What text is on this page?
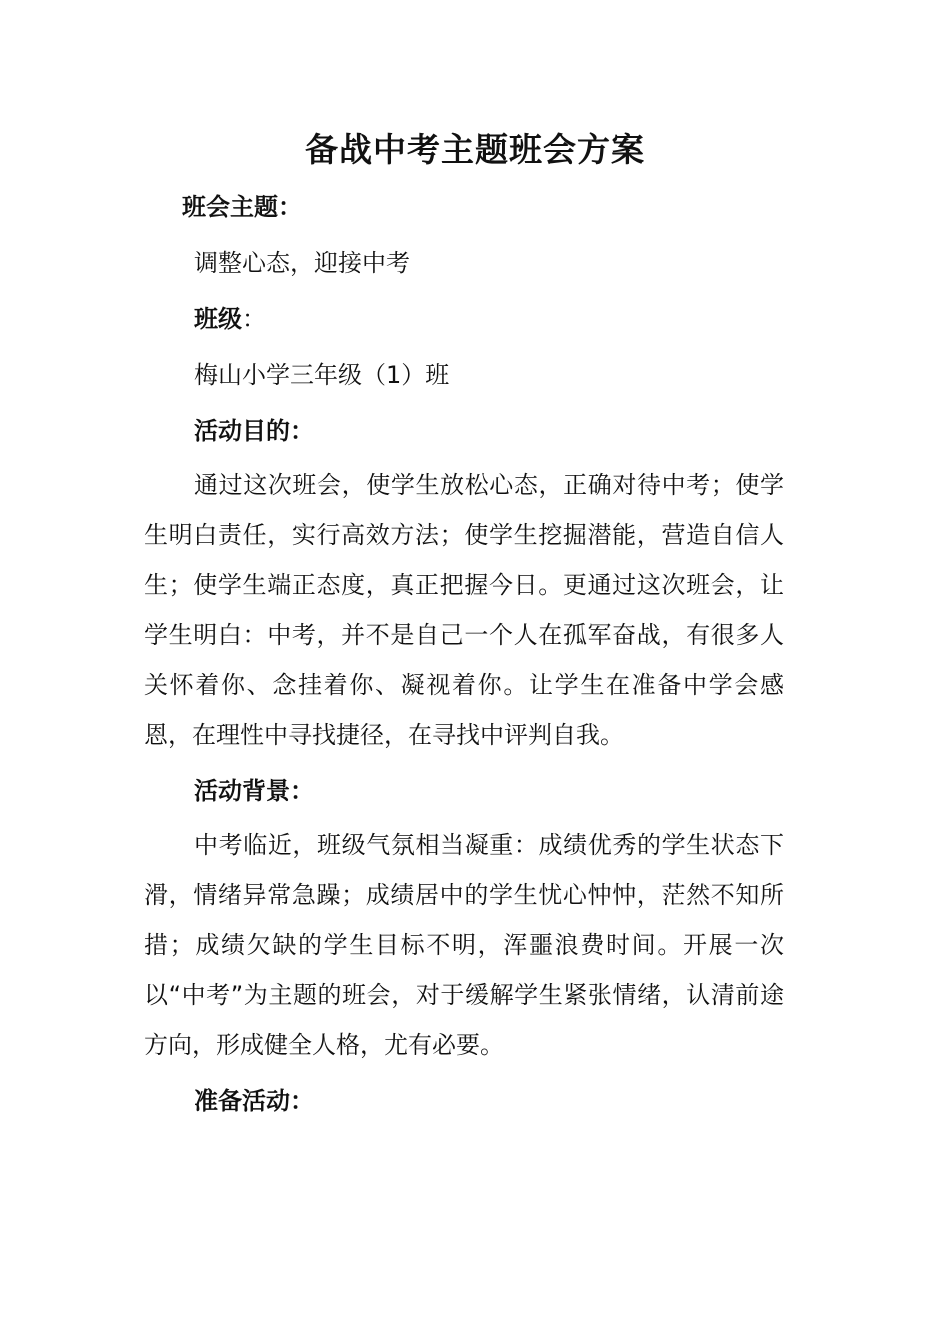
备战中考主题班会方案
班会主题：
调整心态，迎接中考
班级：
梅山小学三年级（1）班
活动目的：
通过这次班会，使学生放松心态，正确对待中考；使学生明白责任，实行高效方法；使学生挖掘潜能，营造自信人生；使学生端正态度，真正把握今日。更通过这次班会，让学生明白：中考，并不是自己一个人在孤军奋战，有很多人关怀着你、念挂着你、凝视着你。让学生在准备中学会感恩，在理性中寻找捷径，在寻找中评判自我。
活动背景：
中考临近，班级气氛相当凝重：成绩优秀的学生状态下滑，情绪异常急躁；成绩居中的学生忧心忡忡，茫然不知所措；成绩欠缺的学生目标不明，浑噩浪费时间。开展一次以“中考”为主题的班会，对于缓解学生紧张情绪，认清前途方向，形成健全人格，尤有必要。
准备活动：
